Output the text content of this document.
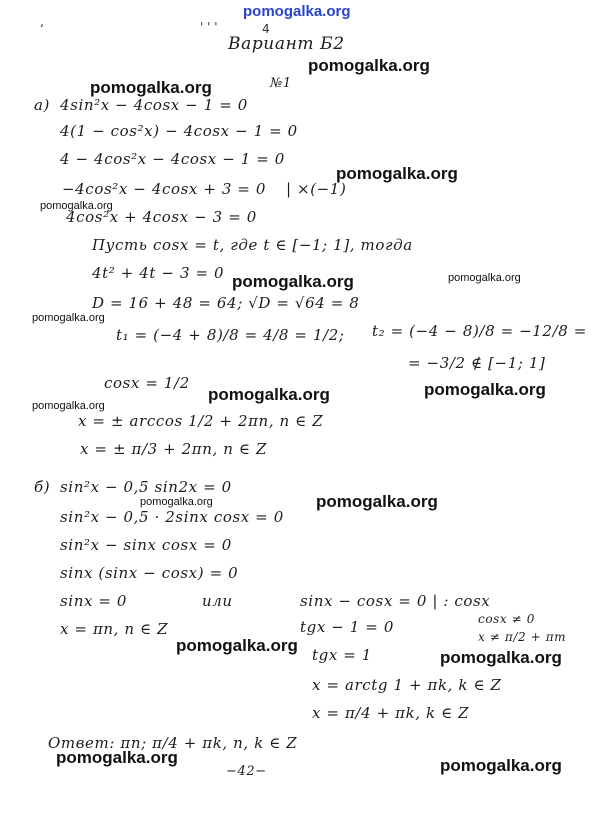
‘	' ' '	4
pomogalka.org
pomogalka.org
pomogalka.org
pomogalka.org
pomogalka.org
pomogalka.org	pomogalka.org
pomogalka.org
pomogalka.org	pomogalka.org
pomogalka.org
pomogalka.org	pomogalka.org
pomogalka.org
pomogalka.org
pomogalka.org	pomogalka.org
Вариант Б2
№1
а) 4sin²x − 4cosx − 1 = 0
4(1 − cos²x) − 4cosx − 1 = 0
4 − 4cos²x − 4cosx − 1 = 0
−4cos²x − 4cosx + 3 = 0 | ×(−1)
4cos²x + 4cosx − 3 = 0
Пусть cosx = t, где t ∈ [−1; 1], тогда
4t² + 4t − 3 = 0
D = 16 + 48 = 64; √D = √64 = 8
t₁ = (−4 + 8)/8 = 4/8 = 1/2; t₂ = (−4 − 8)/8 = −12/8 =
= −3/2 ∉ [−1; 1]
cosx = 1/2
x = ± arccos 1/2 + 2πn, n ∈ Z
x = ± π/3 + 2πn, n ∈ Z
б) sin²x − 0,5 sin2x = 0
sin²x − 0,5 · 2sinx cosx = 0
sin²x − sinx cosx = 0
sinx (sinx − cosx) = 0
sinx = 0	или	sinx − cosx = 0 | : cosx
x = πn, n ∈ Z	tgx − 1 = 0	cosx ≠ 0
x ≠ π/2 + πm
tgx = 1
x = arctg 1 + πk, k ∈ Z
x = π/4 + πk, k ∈ Z
Ответ: πn; π/4 + πk, n, k ∈ Z
−42−
